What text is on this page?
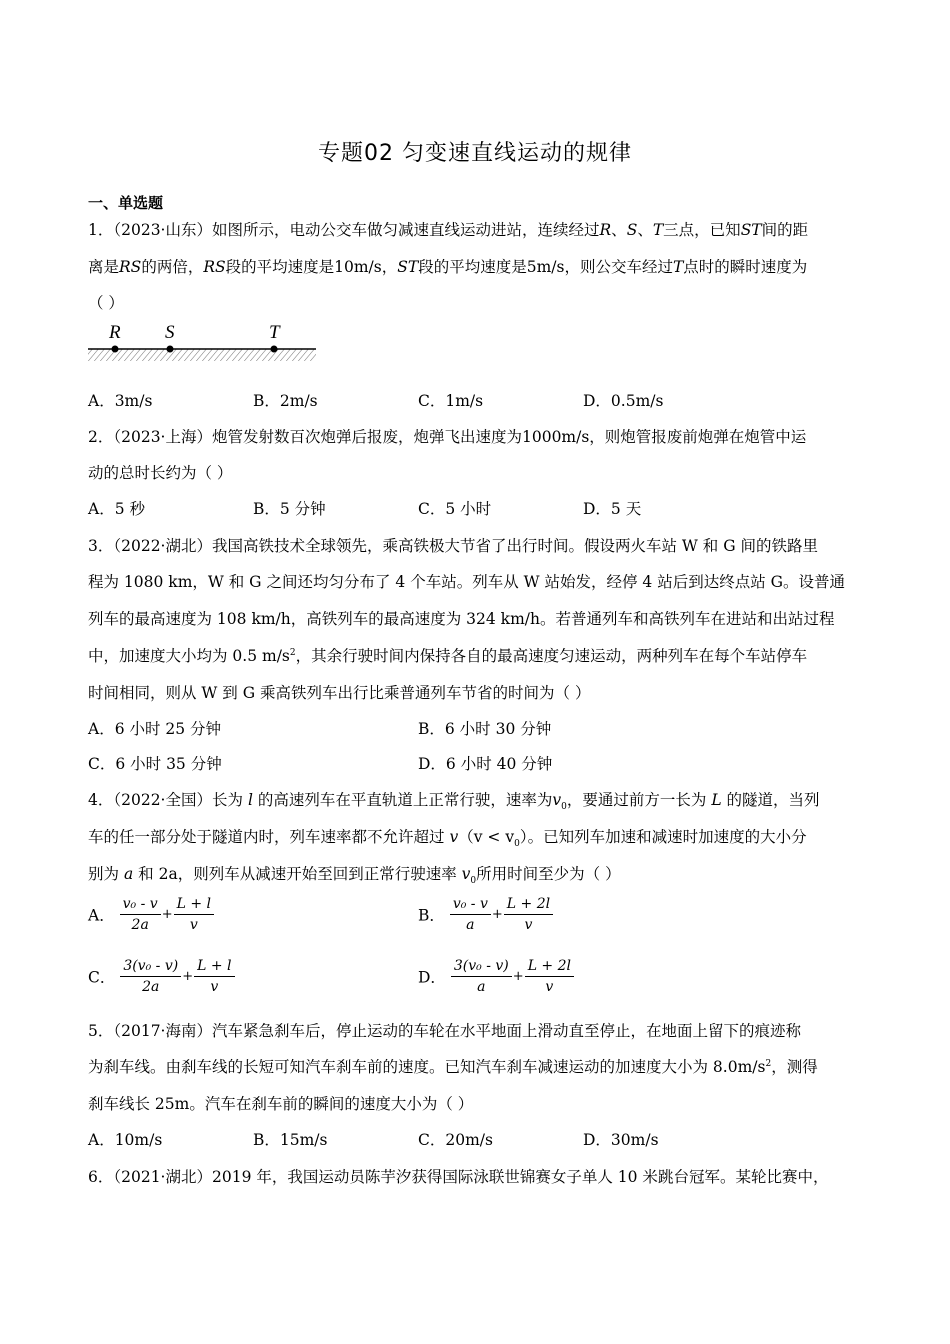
专题02 匀变速直线运动的规律
一、单选题
1．（2023·山东）如图所示，电动公交车做匀减速直线运动进站，连续经过R、S、T三点，已知ST间的距
离是RS的两倍，RS段的平均速度是10m/s，ST段的平均速度是5m/s，则公交车经过T点时的瞬时速度为
（ ）
R S	T
A．3m/s	B．2m/s	C．1m/s	D．0.5m/s
2．（2023·上海）炮管发射数百次炮弹后报废，炮弹飞出速度为1000m/s，则炮管报废前炮弹在炮管中运
动的总时长约为（ ）
A．5 秒	B．5 分钟	C．5 小时	D．5 天
3．（2022·湖北）我国高铁技术全球领先，乘高铁极大节省了出行时间。假设两火车站 W 和 G 间的铁路里
程为 1080 km，W 和 G 之间还均匀分布了 4 个车站。列车从 W 站始发，经停 4 站后到达终点站 G。设普通
列车的最高速度为 108 km/h，高铁列车的最高速度为 324 km/h。若普通列车和高铁列车在进站和出站过程
中，加速度大小均为 0.5 $m/s^2$，其余行驶时间内保持各自的最高速度匀速运动，两种列车在每个车站停车
时间相同，则从 W 到 G 乘高铁列车出行比乘普通列车节省的时间为（ ）
A．6 小时 25 分钟	B．6 小时 30 分钟
C．6 小时 35 分钟	D．6 小时 40 分钟
4．（2022·全国）长为 l 的高速列车在平直轨道上正常行驶，速率为$v_0$，要通过前方一长为 L 的隧道，当列
车的任一部分处于隧道内时，列车速率都不允许超过 $v(v < v_0)$。已知列车加速和减速时加速度的大小分
别为 a 和 2a，则列车从减速开始至回到正常行驶速率 $v_0$所用时间至少为（ ）
A． $\frac{\text{v₀ - v}}{2a} + \frac{L + l}{v}$	B． $\frac{\text{v₀ - v}}{a} + \frac{L + 2l}{v}$
C． $\frac{\text{3(v₀ - v)}}{2a} + \frac{L + l}{v}$	D． $\frac{\text{3(v₀ - v)}}{a} + \frac{L + 2l}{v}$
5．（2017·海南）汽车紧急刹车后，停止运动的车轮在水平地面上滑动直至停止，在地面上留下的痕迹称
为刹车线。由刹车线的长短可知汽车刹车前的速度。已知汽车刹车减速运动的加速度大小为 $8.0m/s^2$，测得
刹车线长 25m。汽车在刹车前的瞬间的速度大小为（ ）
A．10m/s	B．15m/s	C．20m/s	D．30m/s
6．（2021·湖北）2019 年，我国运动员陈芋汐获得国际泳联世锦赛女子单人 10 米跳台冠军。某轮比赛中，
